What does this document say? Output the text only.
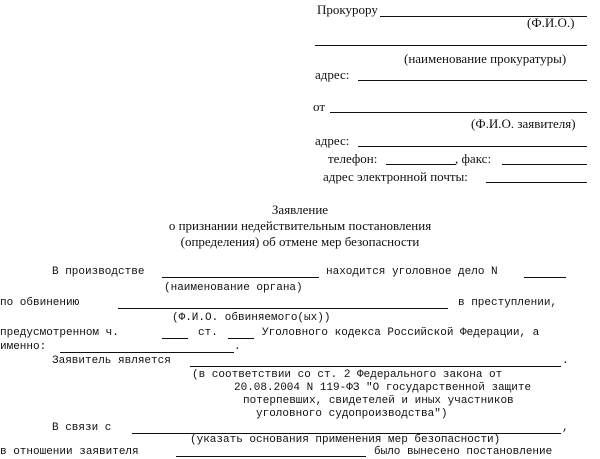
Прокурору
(Ф.И.О.)
(наименование прокуратуры)
адрес:
от
(Ф.И.О. заявителя)
адрес:
телефон:	, факс:
адрес электронной почты:
Заявление
о признании недействительным постановления
(определения) об отмене мер безопасности
В производстве	находится уголовное дело N
(наименование органа)
по обвинению	в преступлении,
(Ф.И.О. обвиняемого(ых))
предусмотренном ч.	ст.	Уголовного кодекса Российской Федерации, а
именно:	.
Заявитель является	.
(в соответствии со ст. 2 Федерального закона от
20.08.2004 N 119-ФЗ "О государственной защите
потерпевших, свидетелей и иных участников
уголовного судопроизводства")
В связи с	,
(указать основания применения мер безопасности)
в отношении заявителя	было вынесено постановление
